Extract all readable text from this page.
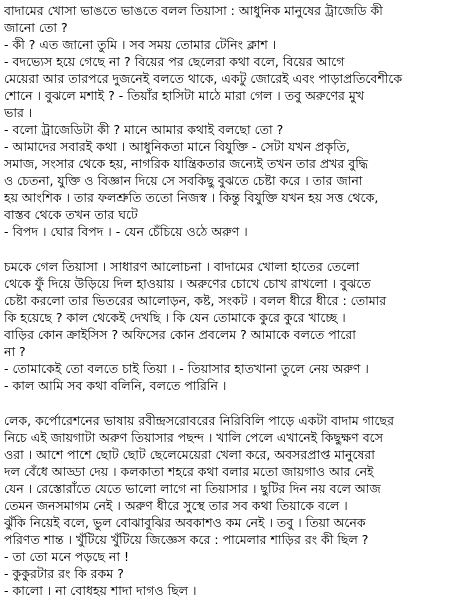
বাদামের খোসা ভাঙতে ভাঙতে বলল তিয়াসা : আধুনিক মানুষের ট্রাজেডি কী
জানো তো ?
- কী ? এত জানো তুমি । সব সময় তোমার টেনিং ক্লাশ ।
- বদভ্যেস হয়ে গেছে না ? বিয়ের পর ছেলেরা কথা বলে, বিয়ের আগে
মেয়েরা আর তারপরে দুজনেই বলতে থাকে, একটু জোরেই এবং পাড়াপ্রতিবেশীকে
শোনে । বুঝলে মশাই ? - তিয়াঁর হাসিটা মাঠে মারা গেল । তবু অরুণের মুখ
ভার ।
- বলো ট্রাজেডিটা কী ? মানে আমার কথাই বলছো তো ?
- আমাদের সবারই কথা । আধুনিকতা মানে বিযুক্তি - সেটা যখন প্রকৃতি,
সমাজ, সংসার থেকে হয়, নাগরিক যান্ত্রিকতার জন্যেই তখন তার প্রখর বুদ্ধি
ও চেতনা, যুক্তি ও বিজ্ঞান দিয়ে সে সবকিছু বুঝতে চেষ্টা করে । তার জানা
হয় আংশিক । তার ফলশ্রুতি ততো নিজস্ব । কিন্তু বিযুক্তি যখন হয় সত্ত থেকে,
বাস্তব থেকে তখন তার ঘটে
- বিপদ । ঘোর বিপদ । - যেন চেঁচিয়ে ওঠে অরুণ ।
চমকে গেল তিয়াসা । সাধারণ আলোচনা । বাদামের খোলা হাতের তেলো
থেকে ফুঁ দিয়ে উড়িয়ে দিল হাওয়ায় । অরুণের চোখে চোখ রাখলো । বুঝতে
চেষ্টা করলো তার ভিতরের আলোড়ন, কষ্ট, সংকট । বলল ধীরে ধীরে : তোমার
কি হয়েছে ? কাল থেকেই দেখছি । কি যেন তোমাকে কুরে কুরে খাচ্ছে ।
বাড়ির কোন ক্রাইসিস ? অফিসের কোন প্রবলেম ? আমাকে বলতে পারো
না ?
- তোমাকেই তো বলতে চাই তিয়া । - তিয়াসার হাতখানা তুলে নেয় অরুণ ।
- কাল আমি সব কথা বলিনি, বলতে পারিনি ।
লেক, কর্পোরেশনের ভাষায় রবীন্দ্রসরোবরের নিরিবিলি পাড়ে একটা বাদাম গাছের
নিচে এই জায়গাটা অরুণ তিয়াসার পছন্দ । খালি পেলে এখানেই কিছুক্ষণ বসে
ওরা । আশে পাশে ছোট ছোট ছেলেমেয়েরা খেলা করে, অবসরপ্রাপ্ত মানুষেরা
দল বেঁধে আড্ডা দেয় । কলকাতা শহরে কথা বলার মতো জায়গাও আর নেই
যেন । রেস্তোরাঁতে যেতে ভালো লাগে না তিয়াসার । ছুটির দিন নয় বলে আজ
তেমন জনসমাগম নেই । অরুণ ধীরে সুস্থে তার সব কথা তিয়াকে বলে ।
ঝুঁকি নিয়েই বলে, ভুল বোঝাবুঝির অবকাশও কম নেই । তবু । তিয়া অনেক
পরিণত শান্ত । খুঁটিয়ে খুঁটিয়ে জিজ্ঞেস করে : পামেলার শাড়ির রং কী ছিল ?
- তা তো মনে পড়ছে না !
- কুকুরটার রং কি রকম ?
- কালো । না বোধহয় শাদা দাগও ছিল ।
